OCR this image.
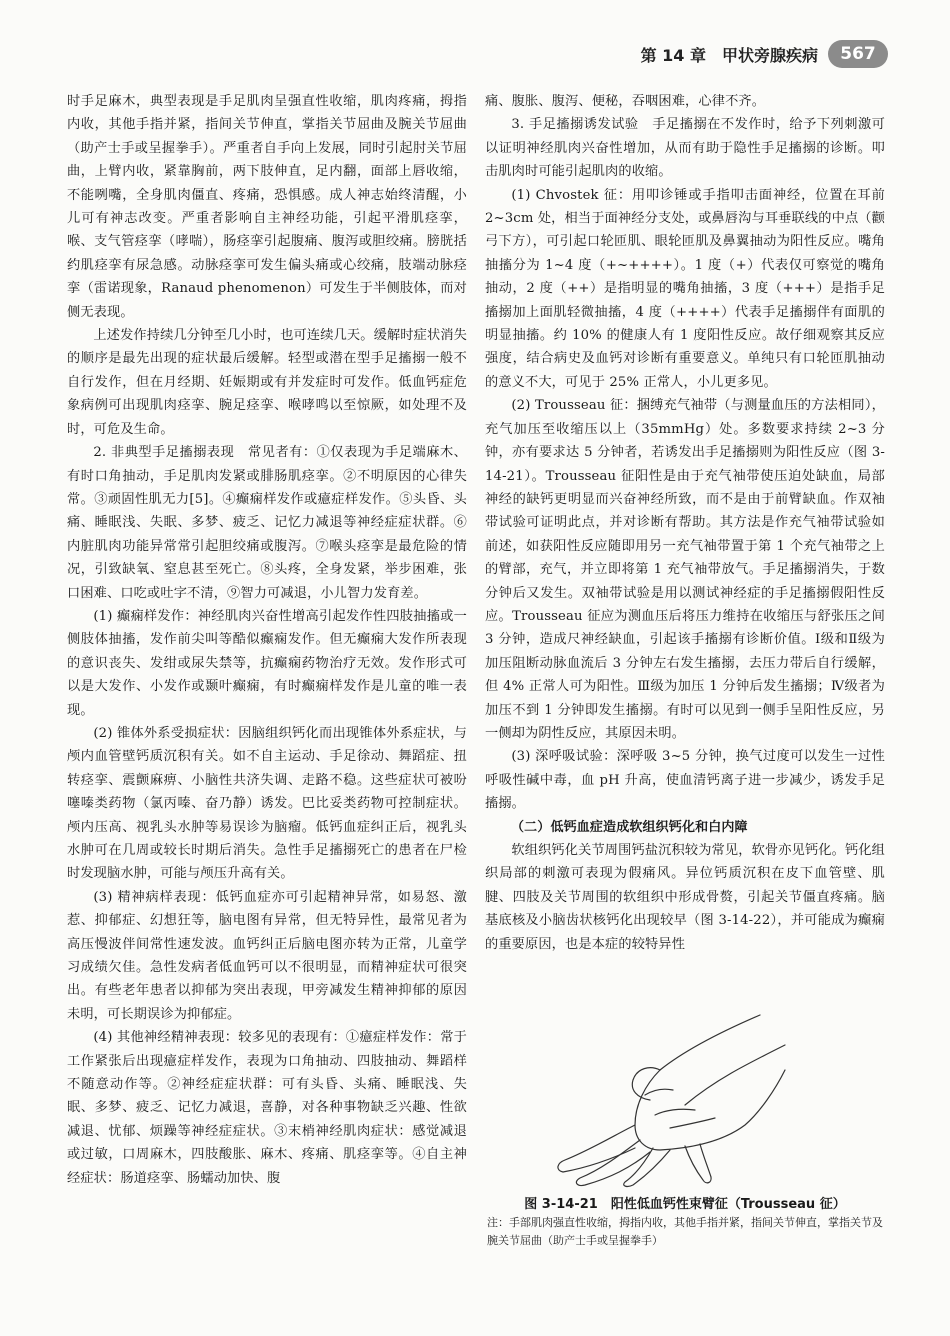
第 14 章　甲状旁腺疾病	567

时手足麻木，典型表现是手足肌肉呈强直性收缩，肌肉疼痛，拇指内收，其他手指并紧，指间关节伸直，掌指关节屈曲及腕关节屈曲（助产士手或呈握拳手）。严重者自手向上发展，同时引起肘关节屈曲，上臂内收，紧靠胸前，两下肢伸直，足内翻，面部上唇收缩，不能咧嘴，全身肌肉僵直、疼痛，恐惧感。成人神志始终清醒，小儿可有神志改变。严重者影响自主神经功能，引起平滑肌痉挛，喉、支气管痉挛（哮喘），肠痉挛引起腹痛、腹泻或胆绞痛。膀胱括约肌痉挛有尿急感。动脉痉挛可发生偏头痛或心绞痛，肢端动脉痉挛（雷诺现象，Ranaud phenomenon）可发生于半侧肢体，而对侧无表现。

上述发作持续几分钟至几小时，也可连续几天。缓解时症状消失的顺序是最先出现的症状最后缓解。轻型或潜在型手足搐搦一般不自行发作，但在月经期、妊娠期或有并发症时可发作。低血钙症危象病例可出现肌肉痉挛、腕足痉挛、喉哮鸣以至惊厥，如处理不及时，可危及生命。

2. 非典型手足搐搦表现　常见者有：①仅表现为手足端麻木、有时口角抽动，手足肌肉发紧或腓肠肌痉挛。②不明原因的心律失常。③顽固性肌无力[5]。④癫痫样发作或癔症样发作。⑤头昏、头痛、睡眠浅、失眠、多梦、疲乏、记忆力减退等神经症症状群。⑥内脏肌肉功能异常常引起胆绞痛或腹泻。⑦喉头痉挛是最危险的情况，引致缺氧、窒息甚至死亡。⑧头疼，全身发紧，举步困难，张口困难、口吃或吐字不清，⑨智力可减退，小儿智力发育差。

(1) 癫痫样发作：神经肌肉兴奋性增高引起发作性四肢抽搐或一侧肢体抽搐，发作前尖叫等酷似癫痫发作。但无癫痫大发作所表现的意识丧失、发绀或尿失禁等，抗癫痫药物治疗无效。发作形式可以是大发作、小发作或颞叶癫痫，有时癫痫样发作是儿童的唯一表现。

(2) 锥体外系受损症状：因脑组织钙化而出现锥体外系症状，与颅内血管壁钙质沉积有关。如不自主运动、手足徐动、舞蹈症、扭转痉挛、震颤麻痹、小脑性共济失调、走路不稳。这些症状可被吩噻嗪类药物（氯丙嗪、奋乃静）诱发。巴比妥类药物可控制症状。颅内压高、视乳头水肿等易误诊为脑瘤。低钙血症纠正后，视乳头水肿可在几周或较长时期后消失。急性手足搐搦死亡的患者在尸检时发现脑水肿，可能与颅压升高有关。

(3) 精神病样表现：低钙血症亦可引起精神异常，如易怒、激惹、抑郁症、幻想狂等，脑电图有异常，但无特异性，最常见者为高压慢波伴间常性速发波。血钙纠正后脑电图亦转为正常，儿童学习成绩欠佳。急性发病者低血钙可以不很明显，而精神症状可很突出。有些老年患者以抑郁为突出表现，甲旁减发生精神抑郁的原因未明，可长期误诊为抑郁症。

(4) 其他神经精神表现：较多见的表现有：①癔症样发作：常于工作紧张后出现癔症样发作，表现为口角抽动、四肢抽动、舞蹈样不随意动作等。②神经症症状群：可有头昏、头痛、睡眠浅、失眠、多梦、疲乏、记忆力减退，喜静，对各种事物缺乏兴趣、性欲减退、忧郁、烦躁等神经症症状。③末梢神经肌肉症状：感觉减退或过敏，口周麻木，四肢酸胀、麻木、疼痛、肌痉挛等。④自主神经症状：肠道痉挛、肠蠕动加快、腹

痛、腹胀、腹泻、便秘，吞咽困难，心律不齐。

3. 手足搐搦诱发试验　手足搐搦在不发作时，给予下列刺激可以证明神经肌肉兴奋性增加，从而有助于隐性手足搐搦的诊断。叩击肌肉时可能引起肌肉的收缩。

(1) Chvostek 征：用叩诊锤或手指叩击面神经，位置在耳前 2~3cm 处，相当于面神经分支处，或鼻唇沟与耳垂联线的中点（颧弓下方），可引起口轮匝肌、眼轮匝肌及鼻翼抽动为阳性反应。嘴角抽搐分为 1~4 度（+~++++）。1 度（+）代表仅可察觉的嘴角抽动，2 度（++）是指明显的嘴角抽搐，3 度（+++）是指手足搐搦加上面肌轻微抽搐，4 度（++++）代表手足搐搦伴有面肌的明显抽搐。约 10% 的健康人有 1 度阳性反应。故仔细观察其反应强度，结合病史及血钙对诊断有重要意义。单纯只有口轮匝肌抽动的意义不大，可见于 25% 正常人，小儿更多见。

(2) Trousseau 征：捆缚充气袖带（与测量血压的方法相同），充气加压至收缩压以上（35mmHg）处。多数要求持续 2~3 分钟，亦有要求达 5 分钟者，若诱发出手足搐搦则为阳性反应（图 3-14-21）。Trousseau 征阳性是由于充气袖带使压迫处缺血，局部神经的缺钙更明显而兴奋神经所致，而不是由于前臂缺血。作双袖带试验可证明此点，并对诊断有帮助。其方法是作充气袖带试验如前述，如获阳性反应随即用另一充气袖带置于第 1 个充气袖带之上的臂部，充气，并立即将第 1 充气袖带放气。手足搐搦消失，于数分钟后又发生。双袖带试验是用以测试神经症的手足搐搦假阳性反应。Trousseau 征应为测血压后将压力维持在收缩压与舒张压之间 3 分钟，造成尺神经缺血，引起该手搐搦有诊断价值。Ⅰ级和Ⅱ级为加压阻断动脉血流后 3 分钟左右发生搐搦，去压力带后自行缓解，但 4% 正常人可为阳性。Ⅲ级为加压 1 分钟后发生搐搦；Ⅳ级者为加压不到 1 分钟即发生搐搦。有时可以见到一侧手呈阳性反应，另一侧却为阴性反应，其原因未明。

(3) 深呼吸试验：深呼吸 3~5 分钟，换气过度可以发生一过性呼吸性碱中毒，血 pH 升高，使血清钙离子进一步减少，诱发手足搐搦。

（二）低钙血症造成软组织钙化和白内障

软组织钙化关节周围钙盐沉积较为常见，软骨亦见钙化。钙化组织局部的刺激可表现为假痛风。异位钙质沉积在皮下血管壁、肌腱、四肢及关节周围的软组织中形成骨赘，引起关节僵直疼痛。脑基底核及小脑齿状核钙化出现较早（图 3-14-22），并可能成为癫痫的重要原因，也是本症的较特异性

图 3-14-21　阳性低血钙性束臂征（Trousseau 征）
注：手部肌肉强直性收缩，拇指内收，其他手指并紧，指间关节伸直，掌指关节及腕关节屈曲（助产士手或呈握拳手）
